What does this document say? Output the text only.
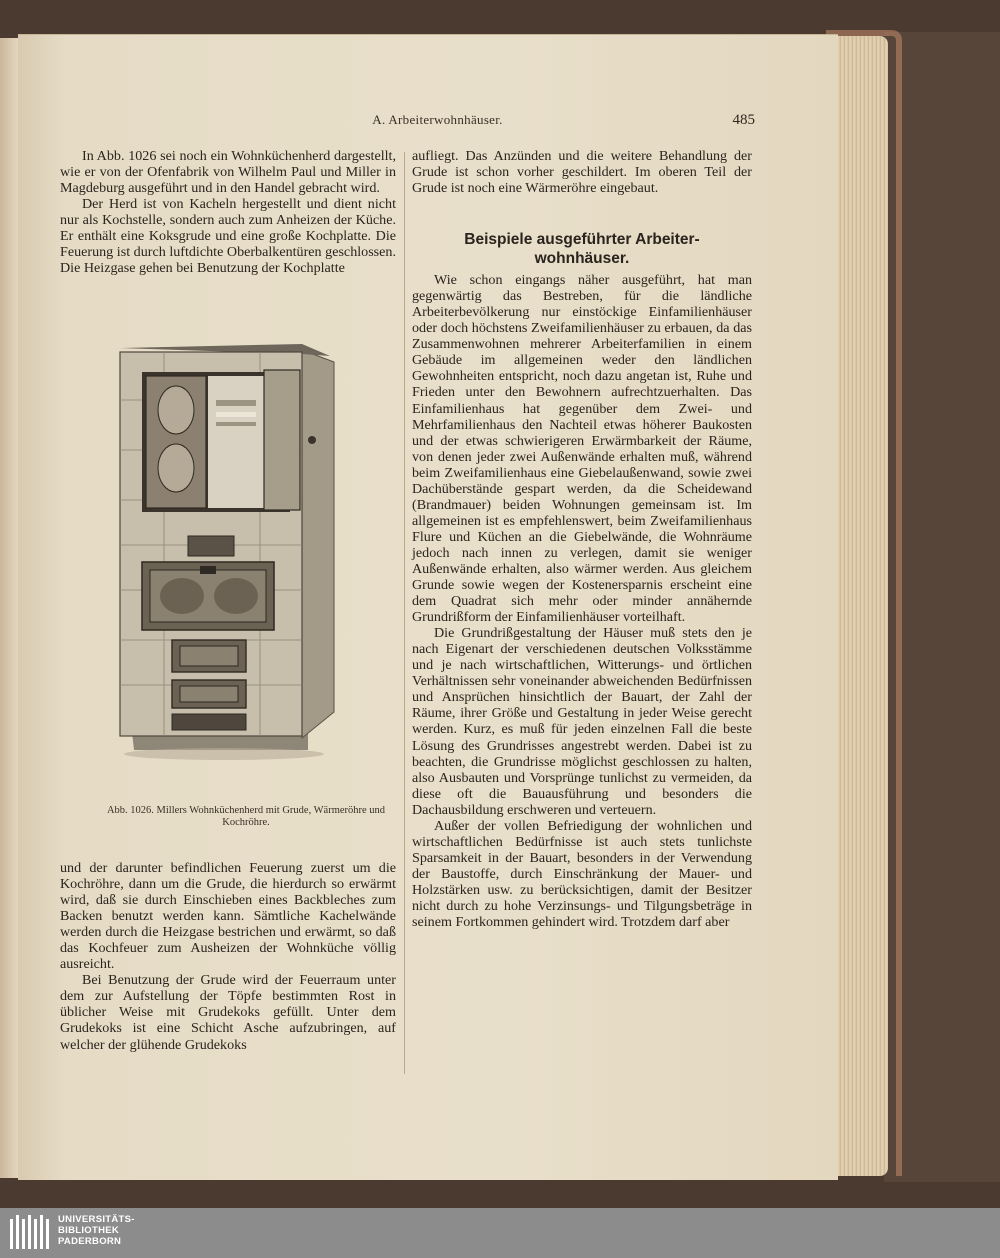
A. Arbeiterwohnhäuser.	485

In Abb. 1026 sei noch ein Wohnküchenherd dargestellt, wie er von der Ofenfabrik von Wilhelm Paul und Miller in Magdeburg ausgeführt und in den Handel gebracht wird.

Der Herd ist von Kacheln hergestellt und dient nicht nur als Kochstelle, sondern auch zum Anheizen der Küche. Er enthält eine Koksgrude und eine große Kochplatte. Die Feuerung ist durch luftdichte Oberbalkentüren geschlossen. Die Heizgase gehen bei Benutzung der Kochplatte

Abb. 1026. Millers Wohnküchenherd mit Grude, Wärmeröhre und Kochröhre.

und der darunter befindlichen Feuerung zuerst um die Kochröhre, dann um die Grude, die hierdurch so erwärmt wird, daß sie durch Einschieben eines Backbleches zum Backen benutzt werden kann. Sämtliche Kachelwände werden durch die Heizgase bestrichen und erwärmt, so daß das Kochfeuer zum Ausheizen der Wohnküche völlig ausreicht.

Bei Benutzung der Grude wird der Feuerraum unter dem zur Aufstellung der Töpfe bestimmten Rost in üblicher Weise mit Grudekoks gefüllt. Unter dem Grudekoks ist eine Schicht Asche aufzubringen, auf welcher der glühende Grudekoks

aufliegt. Das Anzünden und die weitere Behandlung der Grude ist schon vorher geschildert. Im oberen Teil der Grude ist noch eine Wärmeröhre eingebaut.

Beispiele ausgeführter Arbeiter-
wohnhäuser.

Wie schon eingangs näher ausgeführt, hat man gegenwärtig das Bestreben, für die ländliche Arbeiterbevölkerung nur einstöckige Einfamilienhäuser oder doch höchstens Zweifamilienhäuser zu erbauen, da das Zusammenwohnen mehrerer Arbeiterfamilien in einem Gebäude im allgemeinen weder den ländlichen Gewohnheiten entspricht, noch dazu angetan ist, Ruhe und Frieden unter den Bewohnern aufrechtzuerhalten. Das Einfamilienhaus hat gegenüber dem Zwei- und Mehrfamilienhaus den Nachteil etwas höherer Baukosten und der etwas schwierigeren Erwärmbarkeit der Räume, von denen jeder zwei Außenwände erhalten muß, während beim Zweifamilienhaus eine Giebelaußenwand, sowie zwei Dachüberstände gespart werden, da die Scheidewand (Brandmauer) beiden Wohnungen gemeinsam ist. Im allgemeinen ist es empfehlenswert, beim Zweifamilienhaus Flure und Küchen an die Giebelwände, die Wohnräume jedoch nach innen zu verlegen, damit sie weniger Außenwände erhalten, also wärmer werden. Aus gleichem Grunde sowie wegen der Kostenersparnis erscheint eine dem Quadrat sich mehr oder minder annähernde Grundrißform der Einfamilienhäuser vorteilhaft.

Die Grundrißgestaltung der Häuser muß stets den je nach Eigenart der verschiedenen deutschen Volksstämme und je nach wirtschaftlichen, Witterungs- und örtlichen Verhältnissen sehr voneinander abweichenden Bedürfnissen und Ansprüchen hinsichtlich der Bauart, der Zahl der Räume, ihrer Größe und Gestaltung in jeder Weise gerecht werden. Kurz, es muß für jeden einzelnen Fall die beste Lösung des Grundrisses angestrebt werden. Dabei ist zu beachten, die Grundrisse möglichst geschlossen zu halten, also Ausbauten und Vorsprünge tunlichst zu vermeiden, da diese oft die Bauausführung und besonders die Dachausbildung erschweren und verteuern.

Außer der vollen Befriedigung der wohnlichen und wirtschaftlichen Bedürfnisse ist auch stets tunlichste Sparsamkeit in der Bauart, besonders in der Verwendung der Baustoffe, durch Einschränkung der Mauer- und Holzstärken usw. zu berücksichtigen, damit der Besitzer nicht durch zu hohe Verzinsungs- und Tilgungsbeträge in seinem Fortkommen gehindert wird. Trotzdem darf aber

UNIVERSITÄTS-
BIBLIOTHEK
PADERBORN
